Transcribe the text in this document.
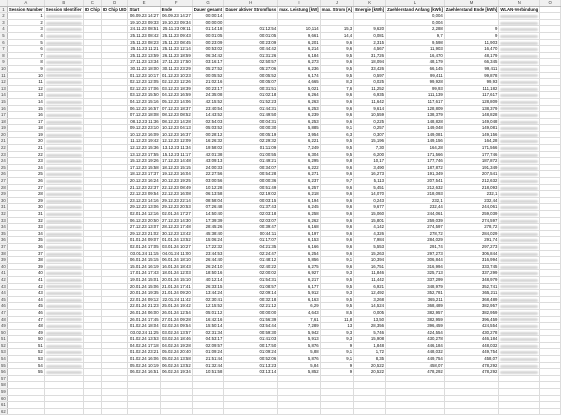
	A	B	C	D	E	F	G	H	I	J	K	L	M	N	O
1	Session Number	Session Identifier	ID Chip	ID Chip UID	Start	Ende	Dauer gesamt	Dauer aktiver Stromfluss	max. Leistung [kW]	max. Strom [A]	Energie [kWh]	Zaehlerstand Anfang [kWh]	Zaehlerstand Ende [kWh]	WLAN-Verbindung	
2	1				06.09.23 14:27	06.09.23 14:27	00:00:14					0,004		

3	2				19.10.23 09:33	19.10.23 09:34	00:00:00					0,004		

4	3				24.11.23 08:51	25.11.23 09:11	01:14:18	01:12:54	10,114	15,3	9,620	2,288	9	

5	4				25.11.23 08:42	25.11.23 09:43	00:01:05	00:01:05	9,661	14,4	0,081	9,7	9	

6	5				25.11.23 08:23	25.11.23 08:45	00:23:09	00:23:09	6,201	9,6	2,315	9,598	11,903	

7	6				25.11.23 11:21	25.11.23 12:14	00:53:02	00:44:42	6,214	9,6	4,567	11,903	16,470	

8	7				25.11.23 13:59	26.11.23 18:59	06:34:42	01:31:26	6,184	9,5	31,726	16,470	48,179	

9	8				27.11.23 13:34	27.11.23 17:50	03:16:17	02:50:57	6,273	9,6	18,094	48,179	66,345	

10	9				30.11.23 18:00	30.11.23 23:29	05:27:52	05:27:06	6,236	9,5	33,426	66,145	99,411	

11	10				01.12.23 10:17	01.12.23 10:23	00:05:52	00:05:52	6,174	9,5	0,597	99,411	99,878	

12	11				02.12.23 12:05	02.12.23 12:26	21:02:16	00:05:07	4,665	8,3	0,025	99,928	99,93	

13	12				02.12.23 17:06	03.12.23 18:39	00:23:17	00:31:51	5,021	7,6	11,252	99,93	111,182	

14	13				03.12.23 15:50	04.12.23 16:59	24:35:08	01:02:18	6,264	9,6	6,935	111,139	117,617	

15	14				04.12.23 15:16	05.12.23 14:06	42:15:52	01:52:23	6,263	9,6	11,642	117,617	128,809	

16	15				06.12.23 16:57	07.12.23 18:37	23:40:54	01:44:31	6,253	9,6	9,614	128,809	138,379	

17	16				07.12.23 18:08	08.12.23 08:52	14:43:52	01:49:50	6,239	9,6	10,559	138,379	148,828	

18	17				08.12.23 11:36	08.12.23 14:28	02:54:03	00:04:31	6,253	9,6	0,225	148,828	149,048	

19	18				09.12.23 23:10	10.12.23 04:13	05:03:52	00:00:30	5,885	9,1	0,257	149,048	149,081	

20	19				10.12.23 16:09	10.12.23 16:37	00:28:12	00:05:19	3,954	6,3	0,307	149,081	149,156	

21	20				11.12.23 19:42	12.12.23 12:09	16:26:32	02:29:32	6,221	9,5	15,196	149,156	164,28	

22	21				12.12.23 15:36	13.12.23 11:34	19:58:02	01:11:09	7,249	9,5	7,30	164,28	171,566	

23	22				13.12.23 17:55	15.12.23 11:17	42:01:38	01:00:55	6,304	9,5	6,200	171,566	177,746	

24	23				15.12.23 19:26	17.12.23 14:48	43:09:13	01:49:21	6,295	9,8	10,17	177,746	187,872	

25	24				17.12.23 15:58	18.12.23 15:15	24:00:33	00:34:07	6,222	9,6	3,490	187,872	191,349	

26	25				18.12.23 17:37	19.12.23 16:04	22:27:56	00:54:28	6,271	9,6	16,273	191,349	207,541	

27	26				20.12.23 16:24	20.12.23 19:25	03:00:56	00:00:36	6,237	9,7	5,113	207,541	212,632	

28	27				21.12.23 22:37	22.12.23 08:49	10:12:28	00:51:49	6,257	9,6	5,451	212,632	218,093	

29	28				22.12.23 09:54	22.12.23 16:08	06:13:58	02:19:02	6,218	9,6	14,070	218,093	232,1	

30	29				23.12.23 14:16	29.12.23 22:14	08:58:04	00:03:15	6,194	9,6	0,243	232,1	232,44	

31	30				29.12.23 13:06	29.12.23 20:53	07:26:48	01:37:43	6,245	9,6	9,677	232,44	244,061	

32	31				02.01.24 12:16	02.01.24 17:27	14:50:40	02:03:18	6,258	9,6	15,060	244,061	259,039	

33	32				06.12.23 20:50	27.12.23 14:30	17:39:39	02:03:07	6,262	9,6	15,801	259,039	274,597	

34	33				27.12.23 13:07	28.12.23 17:48	28:45:26	00:39:47	6,168	9,6	4,142	274,597	278,72	

35	34				29.12.23 21:02	30.12.23 13:42	45:38:40	00:44:11	6,197	9,6	4,326	278,72	284,029	

36	35				01.01.24 09:07	01.01.24 13:52	15:06:24	01:17:07	6,153	9,6	7,984	284,029	291,74	

37	36				02.01.24 17:05	03.01.24 10:27	17:22:32	04:21:35	6,166	9,6	5,553	291,74	297,273	

38	37				03.01.24 11:15	04.01.24 11:00	23:44:53	02:24:47	6,254	9,6	15,263	297,273	306,844	

39	38				06.01.24 15:15	06.01.24 18:10	26:44:40	01:48:12	5,856	9,1	10,394	306,844	316,994	

40	39				15.01.24 16:19	16.01.24 18:43	26:24:10	02:40:22	6,275	9,6	16,751	316,994	333,745	

41	40				17.01.24 17:43	18.01.24 12:03	18:50:16	02:00:02	6,927	9,3	11,846	325,713	337,299	

42	41				19.01.24 15:01	20.01.24 15:10	40:12:14	01:54:31	6,217	9,5	11,442	337,299	348,979	

43	42				20.01.24 15:06	21.01.24 17:41	26:33:15	01:08:57	6,177	9,5	6,921	348,979	352,741	

44	43				20.01.24 19:35	21.01.24 09:20	13:44:24	02:09:14	5,912	9,3	12,492	352,781	365,211	

45	44				22.01.24 09:12	22.01.24 11:42	02:30:41	00:32:18	6,163	9,5	3,268	365,211	368,489	

46	45				22.01.24 21:23	25.01.24 19:42	12:15:52	02:21:12	6,29	9,5	14,524	368,489	382,957	

47	46				26.01.24 06:00	26.01.24 12:54	05:01:12	00:00:00	4,643	8,5	0,005	382,957	382,959	

48	47				26.01.24 17:45	27.01.24 09:28	16:42:16	01:56:39	7,61	11,8	13,50	382,959	396,459	

49	48				01.02.24 18:04	02.02.24 09:54	15:50:14	03:54:44	7,289	13	28,356	396,459	424,554	

50	49				03.02.24 11:25	03.02.24 13:57	02:31:34	00:59:30	5,942	9,3	5,746	424,554	430,278	

51	50				01.02.24 13:53	03.02.24 18:46	04:53:17	01:41:03	5,913	9,3	15,908	430,278	446,184	

52	51				04.02.24 17:18	04.02.24 19:28	02:09:57	00:17:50	5,876	9	1,848	446,184	448,032	

53	52				01.02.24 23:21	05.02.24 20:40	01:09:24	01:09:24	5,88	9,1	1,72	448,032	449,754	

54	53				01.02.24 16:06	05.02.24 13:58	21:51:44	00:52:06	5,876	9,1	8,35	449,754	458,07	

55	54				05.02.24 10:19	06.02.24 13:52	01:32:44	01:13:23	5,84	9	20,522	458,07	478,292	

56	55				06.02.24 16:51	06.02.24 19:34	10:51:58	03:13:14	5,852	9	20,522	478,292	478,292	

57															
58															
59															
60															
61															
62															
